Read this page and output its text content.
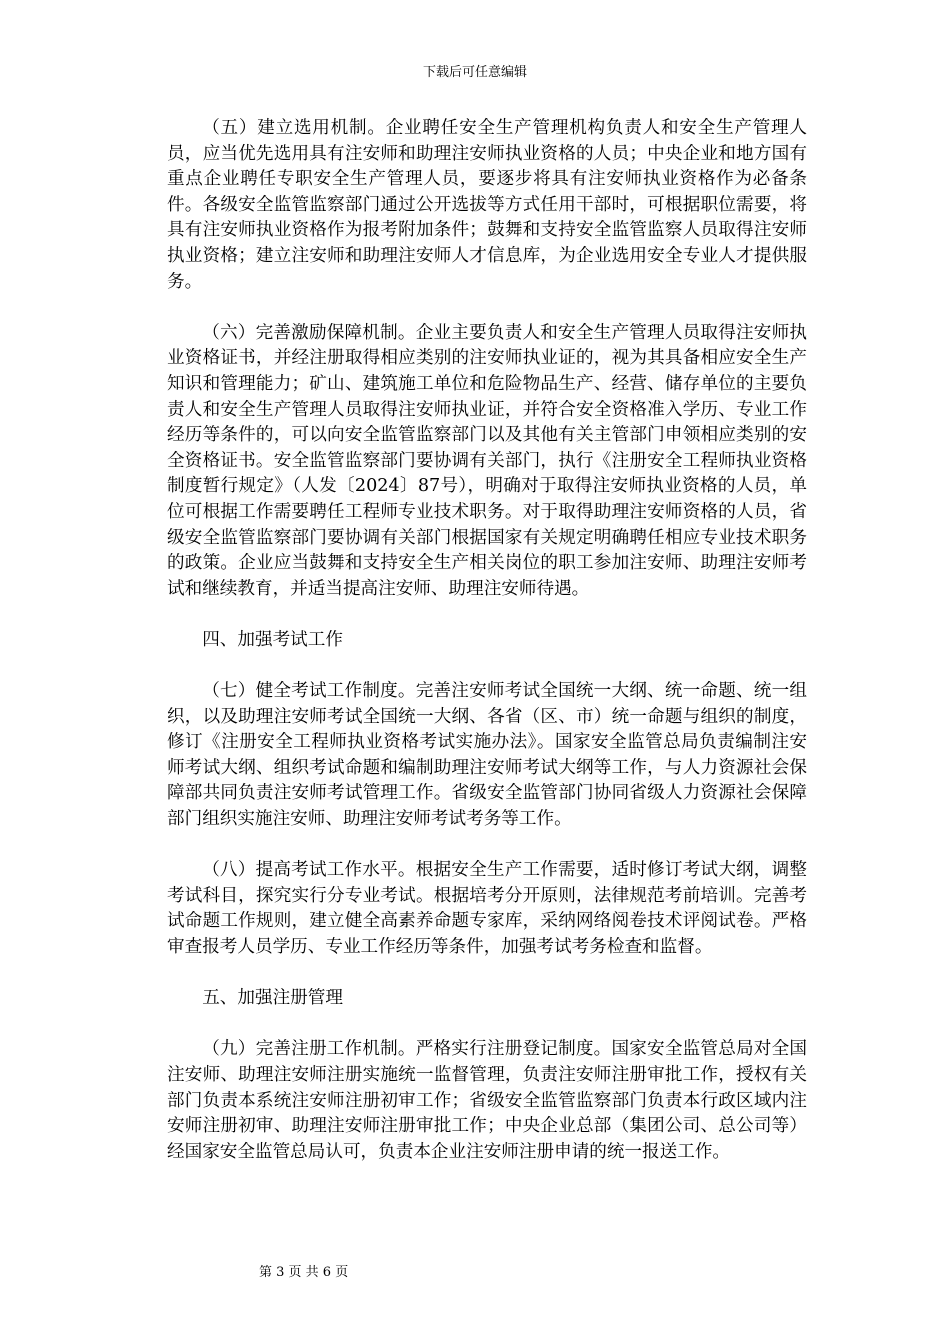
下载后可任意编辑

（五）建立选用机制。企业聘任安全生产管理机构负责人和安全生产管理人员，应当优先选用具有注安师和助理注安师执业资格的人员；中央企业和地方国有重点企业聘任专职安全生产管理人员，要逐步将具有注安师执业资格作为必备条件。各级安全监管监察部门通过公开选拔等方式任用干部时，可根据职位需要，将具有注安师执业资格作为报考附加条件；鼓舞和支持安全监管监察人员取得注安师执业资格；建立注安师和助理注安师人才信息库，为企业选用安全专业人才提供服务。

（六）完善激励保障机制。企业主要负责人和安全生产管理人员取得注安师执业资格证书，并经注册取得相应类别的注安师执业证的，视为其具备相应安全生产知识和管理能力；矿山、建筑施工单位和危险物品生产、经营、储存单位的主要负责人和安全生产管理人员取得注安师执业证，并符合安全资格准入学历、专业工作经历等条件的，可以向安全监管监察部门以及其他有关主管部门申领相应类别的安全资格证书。安全监管监察部门要协调有关部门，执行《注册安全工程师执业资格制度暂行规定》（人发〔2024〕87号），明确对于取得注安师执业资格的人员，单位可根据工作需要聘任工程师专业技术职务。对于取得助理注安师资格的人员，省级安全监管监察部门要协调有关部门根据国家有关规定明确聘任相应专业技术职务的政策。企业应当鼓舞和支持安全生产相关岗位的职工参加注安师、助理注安师考试和继续教育，并适当提高注安师、助理注安师待遇。

四、加强考试工作

（七）健全考试工作制度。完善注安师考试全国统一大纲、统一命题、统一组织，以及助理注安师考试全国统一大纲、各省（区、市）统一命题与组织的制度，修订《注册安全工程师执业资格考试实施办法》。国家安全监管总局负责编制注安师考试大纲、组织考试命题和编制助理注安师考试大纲等工作，与人力资源社会保障部共同负责注安师考试管理工作。省级安全监管部门协同省级人力资源社会保障部门组织实施注安师、助理注安师考试考务等工作。

（八）提高考试工作水平。根据安全生产工作需要，适时修订考试大纲，调整考试科目，探究实行分专业考试。根据培考分开原则，法律规范考前培训。完善考试命题工作规则，建立健全高素养命题专家库，采纳网络阅卷技术评阅试卷。严格审查报考人员学历、专业工作经历等条件，加强考试考务检查和监督。

五、加强注册管理

（九）完善注册工作机制。严格实行注册登记制度。国家安全监管总局对全国注安师、助理注安师注册实施统一监督管理，负责注安师注册审批工作，授权有关部门负责本系统注安师注册初审工作；省级安全监管监察部门负责本行政区域内注安师注册初审、助理注安师注册审批工作；中央企业总部（集团公司、总公司等）经国家安全监管总局认可，负责本企业注安师注册申请的统一报送工作。

第 3 页 共 6 页
